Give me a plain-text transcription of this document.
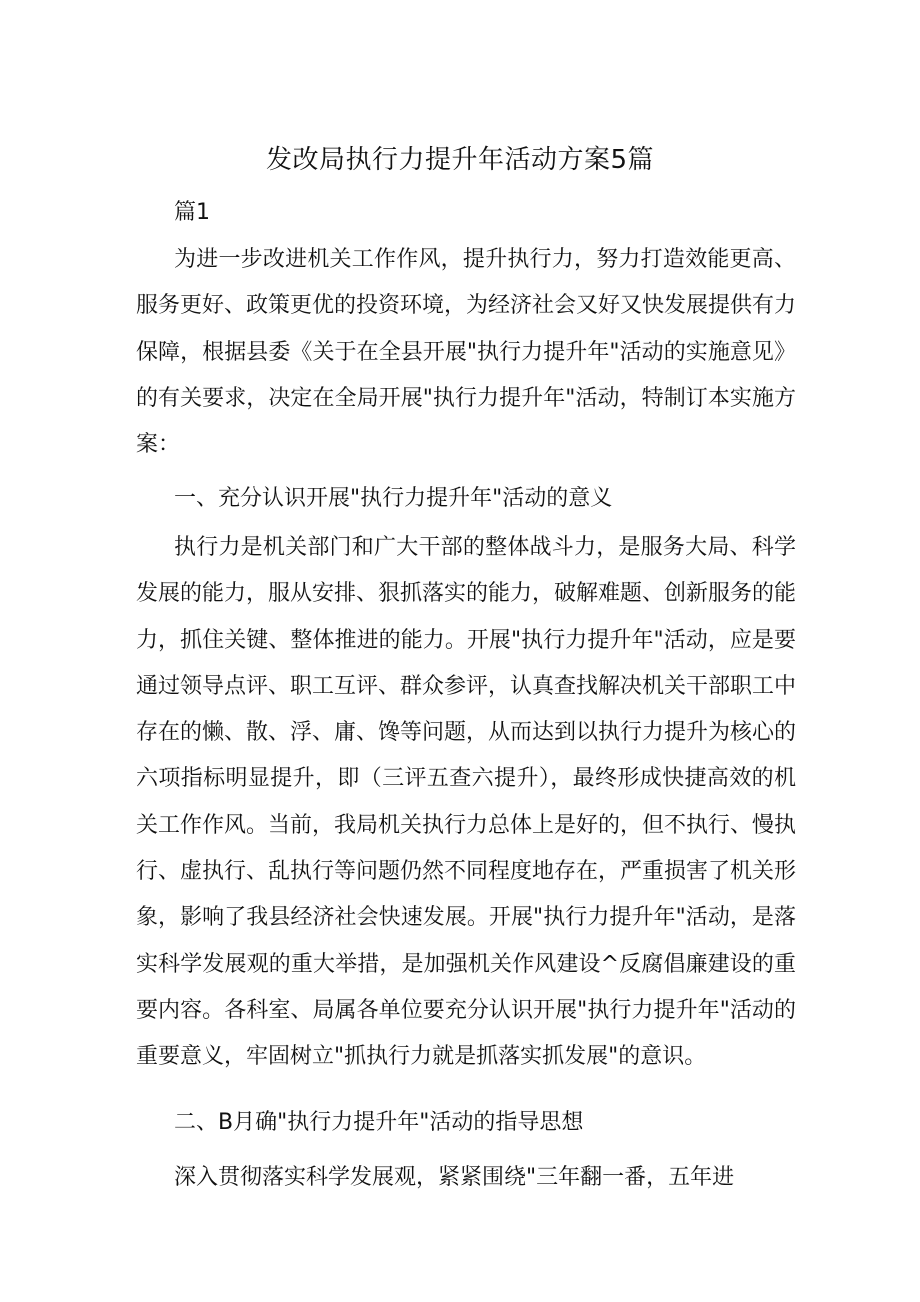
发改局执行力提升年活动方案5篇

篇1

为进一步改进机关工作作风，提升执行力，努力打造效能更高、服务更好、政策更优的投资环境，为经济社会又好又快发展提供有力保障，根据县委《关于在全县开展"执行力提升年"活动的实施意见》的有关要求，决定在全局开展"执行力提升年"活动，特制订本实施方案：

一、充分认识开展"执行力提升年"活动的意义

执行力是机关部门和广大干部的整体战斗力，是服务大局、科学发展的能力，服从安排、狠抓落实的能力，破解难题、创新服务的能力，抓住关键、整体推进的能力。开展"执行力提升年"活动，应是要通过领导点评、职工互评、群众参评，认真查找解决机关干部职工中存在的懒、散、浮、庸、馋等问题，从而达到以执行力提升为核心的六项指标明显提升，即（三评五查六提升），最终形成快捷高效的机关工作作风。当前，我局机关执行力总体上是好的，但不执行、慢执行、虚执行、乱执行等问题仍然不同程度地存在，严重损害了机关形象，影响了我县经济社会快速发展。开展"执行力提升年"活动，是落实科学发展观的重大举措，是加强机关作风建设^反腐倡廉建设的重要内容。各科室、局属各单位要充分认识开展"执行力提升年"活动的重要意义，牢固树立"抓执行力就是抓落实抓发展"的意识。

二、B月确"执行力提升年"活动的指导思想

深入贯彻落实科学发展观，紧紧围绕"三年翻一番，五年进
